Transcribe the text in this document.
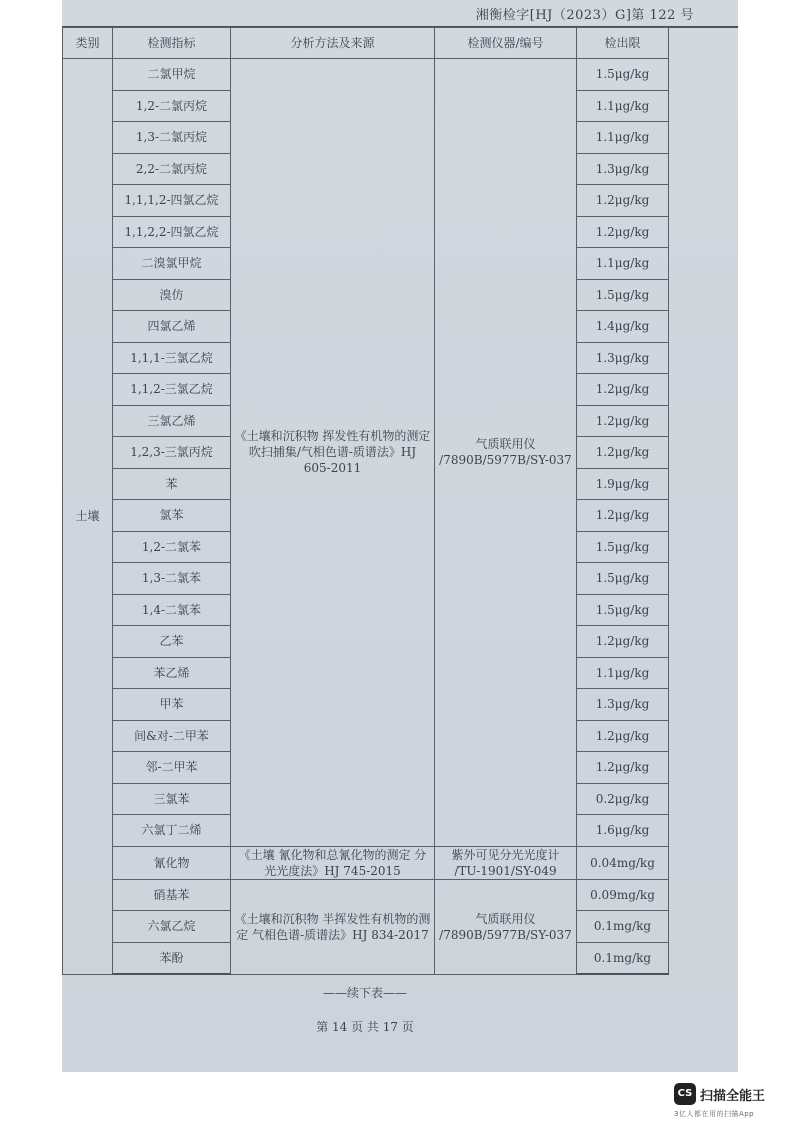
湘衡检字[HJ（2023）G]第 122 号
类别	检测指标	分析方法及来源	检测仪器/编号	检出限
土壤	二氯甲烷	《土壤和沉积物 挥发性有机物的测定 吹扫捕集/气相色谱-质谱法》HJ 605-2011	气质联用仪 /7890B/5977B/SY-037	1.5μg/kg
	1,2-二氯丙烷			1.1μg/kg
	1,3-二氯丙烷			1.1μg/kg
	2,2-二氯丙烷			1.3μg/kg
	1,1,1,2-四氯乙烷			1.2μg/kg
	1,1,2,2-四氯乙烷			1.2μg/kg
	二溴氯甲烷			1.1μg/kg
	溴仿			1.5μg/kg
	四氯乙烯			1.4μg/kg
	1,1,1-三氯乙烷			1.3μg/kg
	1,1,2-三氯乙烷			1.2μg/kg
	三氯乙烯			1.2μg/kg
	1,2,3-三氯丙烷			1.2μg/kg
	苯			1.9μg/kg
	氯苯			1.2μg/kg
	1,2-二氯苯			1.5μg/kg
	1,3-二氯苯			1.5μg/kg
	1,4-二氯苯			1.5μg/kg
	乙苯			1.2μg/kg
	苯乙烯			1.1μg/kg
	甲苯			1.3μg/kg
	间&对-二甲苯			1.2μg/kg
	邻-二甲苯			1.2μg/kg
	三氯苯			0.2μg/kg
	六氯丁二烯			1.6μg/kg
	氰化物	《土壤 氰化物和总氰化物的测定 分光光度法》HJ 745-2015	紫外可见分光光度计 /TU-1901/SY-049	0.04mg/kg
	硝基苯	《土壤和沉积物 半挥发性有机物的测定 气相色谱-质谱法》HJ 834-2017	气质联用仪 /7890B/5977B/SY-037	0.09mg/kg
	六氯乙烷			0.1mg/kg
	苯酚			0.1mg/kg
——续下表——
第 14 页 共 17 页
CS 扫描全能王
3亿人都在用的扫描App
